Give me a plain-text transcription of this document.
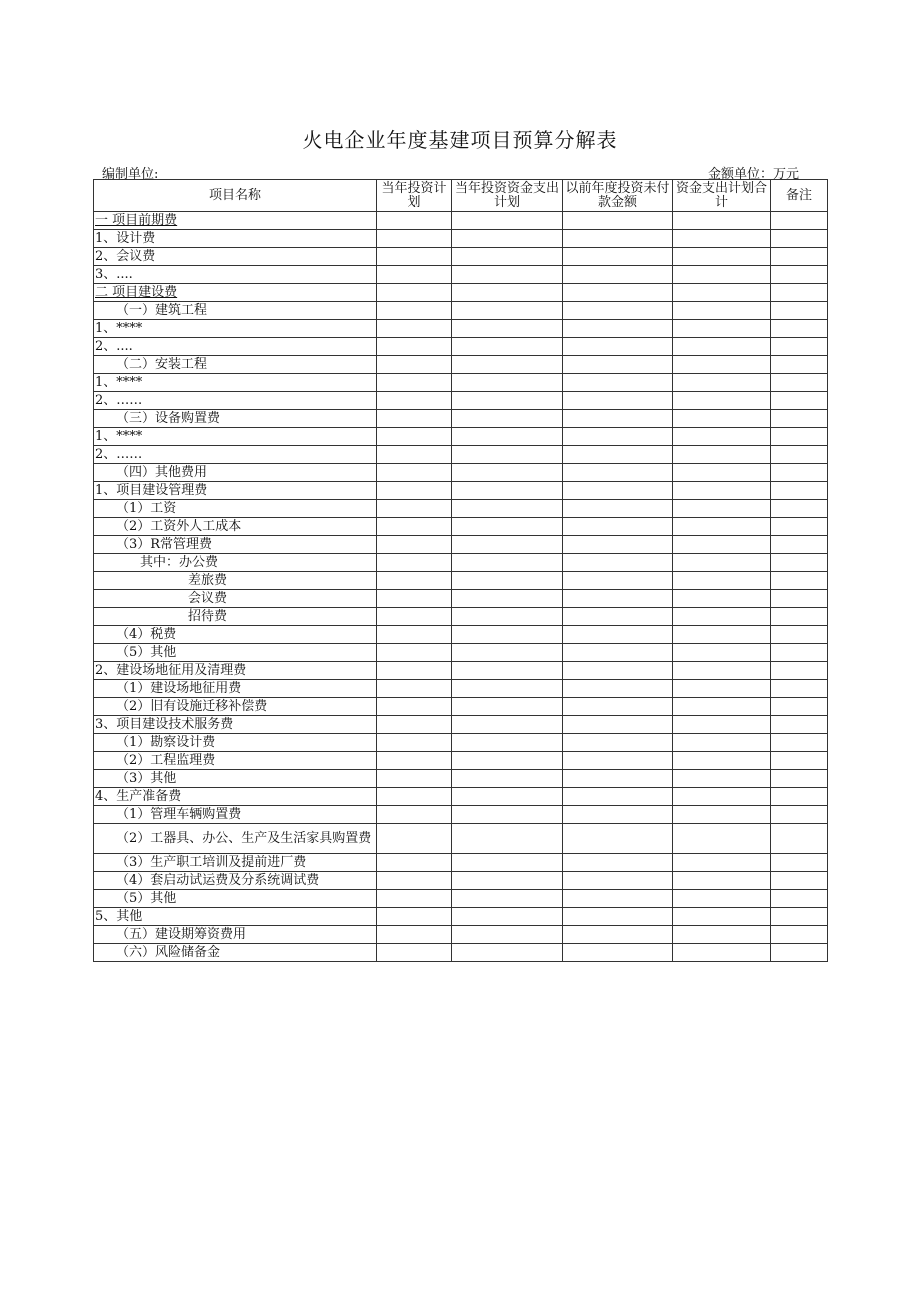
火电企业年度基建项目预算分解表
编制单位:	金额单位：万元
项目名称	当年投资计划	当年投资资金支出计划	以前年度投资未付款金额	资金支出计划合计	备注
一 项目前期费					
1、设计费					
2、会议费					
3、....					
二 项目建设费					
（一）建筑工程					
1、****					
2、....					
（二）安装工程					
1、****					
2、……					
（三）设备购置费					
1、****					
2、……					
（四）其他费用					
1、项目建设管理费					
（1）工资					
（2）工资外人工成本					
（3）R常管理费					
其中：办公费					
差旅费					
会议费					
招待费					
（4）税费					
（5）其他					
2、建设场地征用及清理费					
（1）建设场地征用费					
（2）旧有设施迁移补偿费					
3、项目建设技术服务费					
（1）勘察设计费					
（2）工程监理费					
（3）其他					
4、生产准备费					
（1）管理车辆购置费					
（2）工器具、办公、生产及生活家具购置费					
（3）生产职工培训及提前进厂费					
（4）套启动试运费及分系统调试费					
（5）其他					
5、其他					
（五）建设期筹资费用					
（六）风险储备金					
